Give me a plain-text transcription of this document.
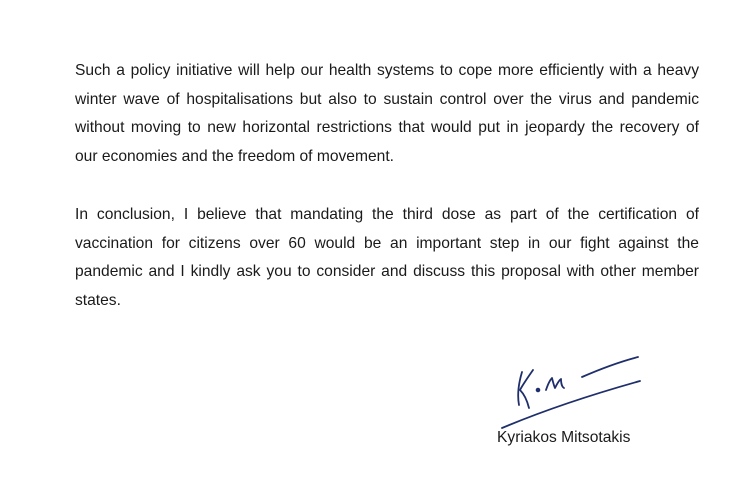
Such a policy initiative will help our health systems to cope more efficiently with a heavy
winter wave of hospitalisations but also to sustain control over the virus and pandemic
without moving to new horizontal restrictions that would put in jeopardy the recovery of
our economies and the freedom of movement.

In conclusion, I believe that mandating the third dose as part of the certification of
vaccination for citizens over 60 would be an important step in our fight against the
pandemic and I kindly ask you to consider and discuss this proposal with other member
states.

Kyriakos Mitsotakis
